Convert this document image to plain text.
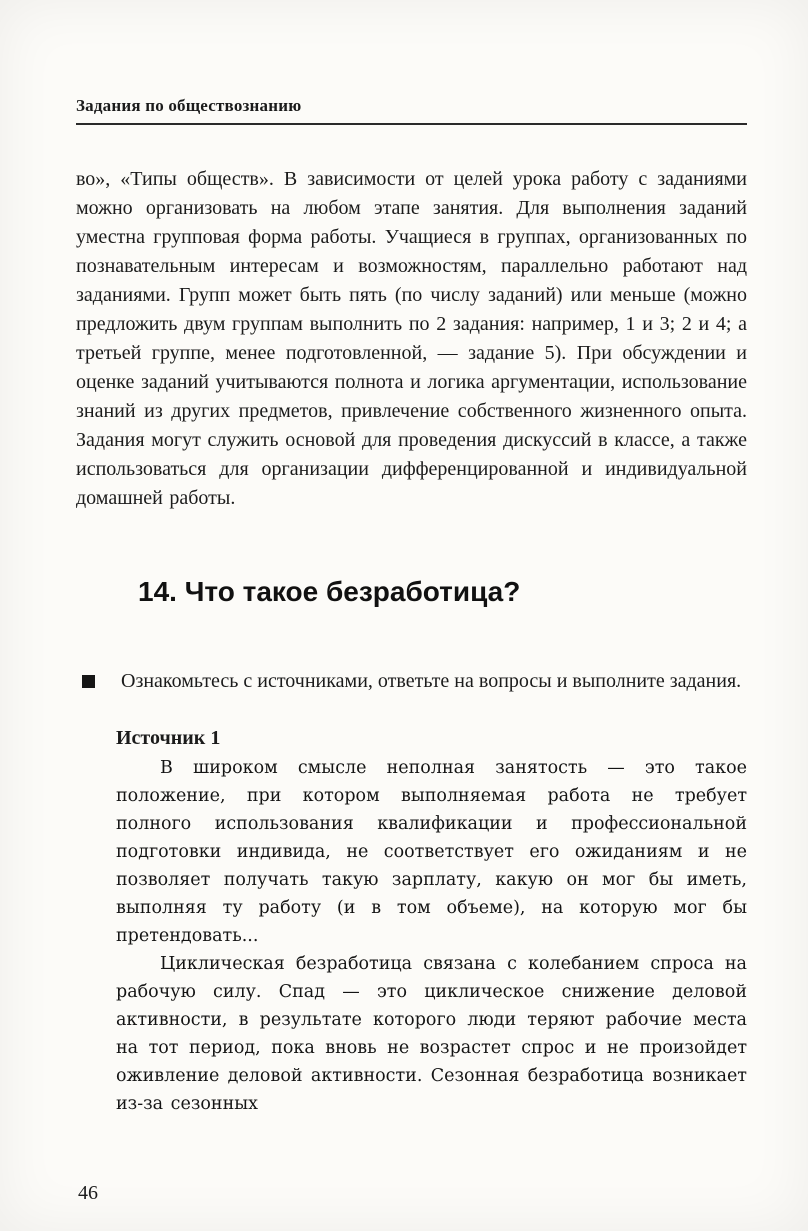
Задания по обществознанию

во», «Типы обществ». В зависимости от целей урока работу с заданиями можно организовать на любом этапе занятия. Для выполнения заданий уместна групповая форма работы. Учащиеся в группах, организованных по познавательным интересам и возможностям, параллельно работают над заданиями. Групп может быть пять (по числу заданий) или меньше (можно предложить двум группам выполнить по 2 задания: например, 1 и 3; 2 и 4; а третьей группе, менее подготовленной, — задание 5). При обсуждении и оценке заданий учитываются полнота и логика аргументации, использование знаний из других предметов, привлечение собственного жизненного опыта. Задания могут служить основой для проведения дискуссий в классе, а также использоваться для организации дифференцированной и индивидуальной домашней работы.

14. Что такое безработица?
Ознакомьтесь с источниками, ответьте на вопросы и выполните задания.
Источник 1

В широком смысле неполная занятость — это такое положение, при котором выполняемая работа не требует полного использования квалификации и профессиональной подготовки индивида, не соответствует его ожиданиям и не позволяет получать такую зарплату, какую он мог бы иметь, выполняя ту работу (и в том объеме), на которую мог бы претендовать...

Циклическая безработица связана с колебанием спроса на рабочую силу. Спад — это циклическое снижение деловой активности, в результате которого люди теряют рабочие места на тот период, пока вновь не возрастет спрос и не произойдет оживление деловой активности. Сезонная безработица возникает из-за сезонных

46
